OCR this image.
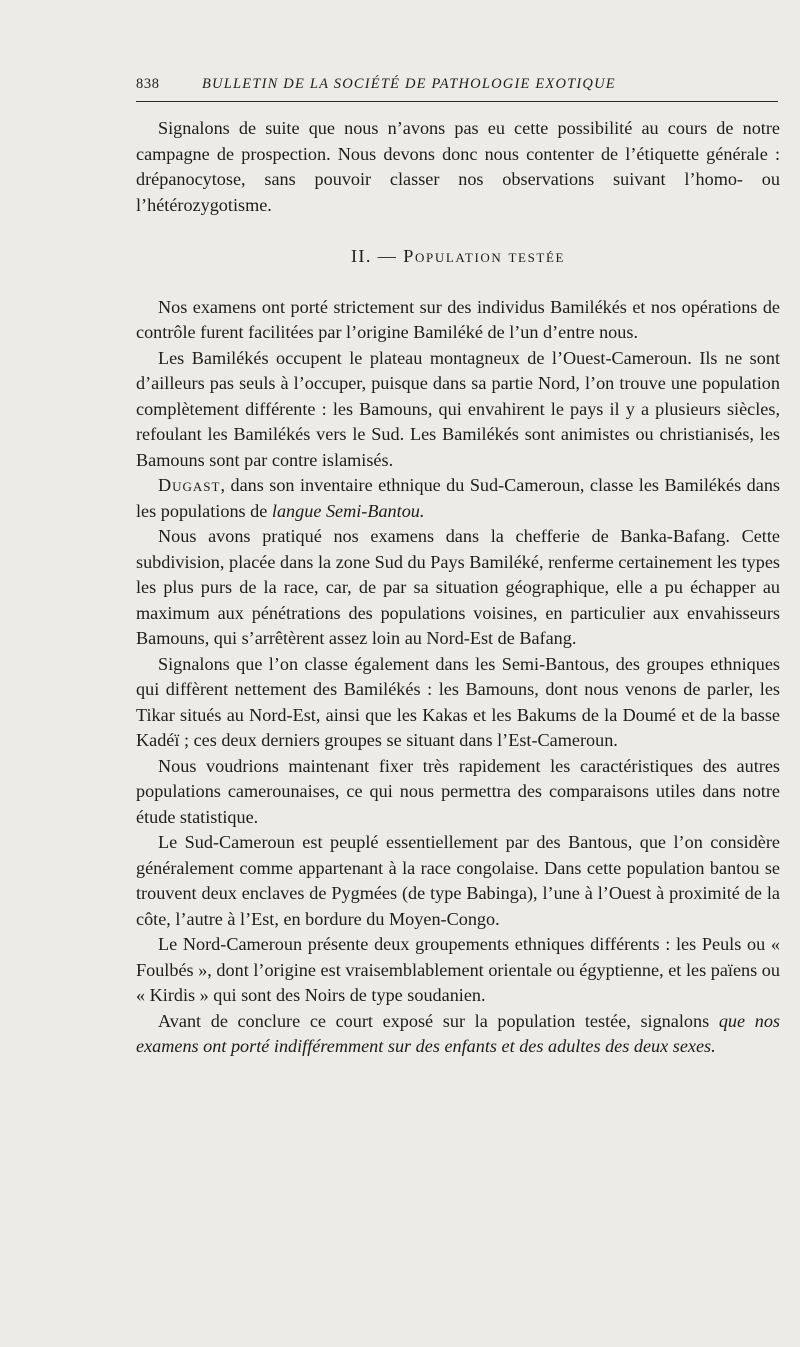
838	BULLETIN DE LA SOCIÉTÉ DE PATHOLOGIE EXOTIQUE

Signalons de suite que nous n’avons pas eu cette possibilité au cours de notre campagne de prospection. Nous devons donc nous contenter de l’étiquette générale : drépanocytose, sans pouvoir classer nos observations suivant l’homo- ou l’hétérozygotisme.

II. — Population testée

Nos examens ont porté strictement sur des individus Bamilékés et nos opérations de contrôle furent facilitées par l’origine Bamiléké de l’un d’entre nous.

Les Bamilékés occupent le plateau montagneux de l’Ouest-Cameroun. Ils ne sont d’ailleurs pas seuls à l’occuper, puisque dans sa partie Nord, l’on trouve une population complètement différente : les Bamouns, qui envahirent le pays il y a plusieurs siècles, refoulant les Bamilékés vers le Sud. Les Bamilékés sont animistes ou christianisés, les Bamouns sont par contre islamisés.

Dugast, dans son inventaire ethnique du Sud-Cameroun, classe les Bamilékés dans les populations de langue Semi-Bantou.

Nous avons pratiqué nos examens dans la chefferie de Banka-Bafang. Cette subdivision, placée dans la zone Sud du Pays Bamiléké, renferme certainement les types les plus purs de la race, car, de par sa situation géographique, elle a pu échapper au maximum aux pénétrations des populations voisines, en particulier aux envahisseurs Bamouns, qui s’arrêtèrent assez loin au Nord-Est de Bafang.

Signalons que l’on classe également dans les Semi-Bantous, des groupes ethniques qui diffèrent nettement des Bamilékés : les Bamouns, dont nous venons de parler, les Tikar situés au Nord-Est, ainsi que les Kakas et les Bakums de la Doumé et de la basse Kadéï ; ces deux derniers groupes se situant dans l’Est-Cameroun.

Nous voudrions maintenant fixer très rapidement les caractéristiques des autres populations camerounaises, ce qui nous permettra des comparaisons utiles dans notre étude statistique.

Le Sud-Cameroun est peuplé essentiellement par des Bantous, que l’on considère généralement comme appartenant à la race congolaise. Dans cette population bantou se trouvent deux enclaves de Pygmées (de type Babinga), l’une à l’Ouest à proximité de la côte, l’autre à l’Est, en bordure du Moyen-Congo.

Le Nord-Cameroun présente deux groupements ethniques différents : les Peuls ou « Foulbés », dont l’origine est vraisemblablement orientale ou égyptienne, et les païens ou « Kirdis » qui sont des Noirs de type soudanien.

Avant de conclure ce court exposé sur la population testée, signalons que nos examens ont porté indifféremment sur des enfants et des adultes des deux sexes.
